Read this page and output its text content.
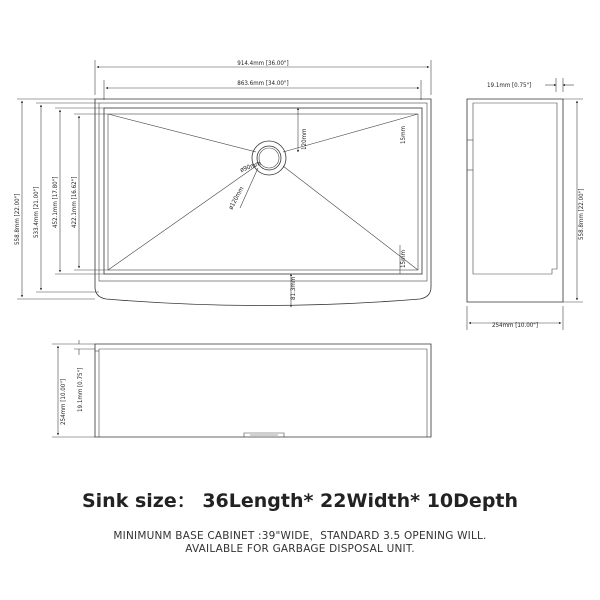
914.4mm [36.00"]
863.6mm [34.00"]
ø90mm
ø120mm
120mm	15mm
15mm
81.3mm
558.8mm [22.00"] 533.4mm [21.00"] 452.1mm [17.80"] 422.1mm [16.62"]
19.1mm [0.75"]
558.8mm [22.00"]
254mm [10.00"]
254mm [10.00"] 19.1mm [0.75"]
Sink size： 36Length* 22Width* 10Depth
MINIMUNM BASE CABINET :39"WIDE，STANDARD 3.5 OPENING WILL.
AVAILABLE FOR GARBAGE DISPOSAL UNIT.
